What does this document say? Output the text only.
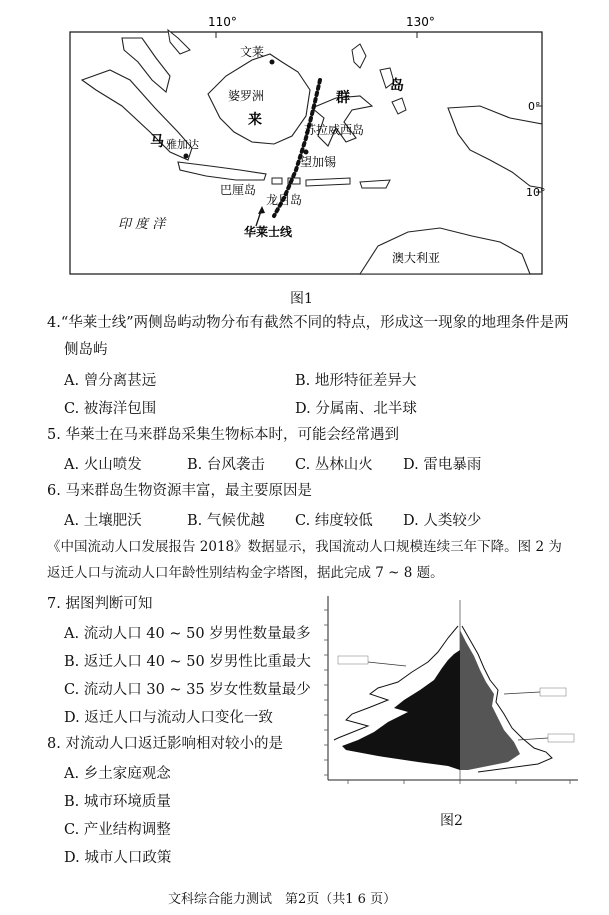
110°	130°
0°
10°
文莱
婆罗洲
马
来
群
岛
苏拉威西岛
雅加达
望加锡
巴厘岛
龙目岛
印 度 洋	华莱士线
澳大利亚
图1
4.“华莱士线”两侧岛屿动物分布有截然不同的特点，形成这一现象的地理条件是两
侧岛屿
A. 曾分离甚远	B. 地形特征差异大
C. 被海洋包围	D. 分属南、北半球
5. 华莱士在马来群岛采集生物标本时，可能会经常遇到
A. 火山喷发	B. 台风袭击 C. 丛林山火 D. 雷电暴雨
6. 马来群岛生物资源丰富，最主要原因是
A. 土壤肥沃	B. 气候优越 C. 纬度较低 D. 人类较少
《中国流动人口发展报告 2018》数据显示，我国流动人口规模连续三年下降。图 2 为
返迁人口与流动人口年龄性别结构金字塔图，据此完成 7 ~ 8 题。
7. 据图判断可知
A. 流动人口 40 ~ 50 岁男性数量最多
B. 返迁人口 40 ~ 50 岁男性比重最大
C. 流动人口 30 ~ 35 岁女性数量最少
D. 返迁人口与流动人口变化一致
8. 对流动人口返迁影响相对较小的是
A. 乡土家庭观念
B. 城市环境质量
C. 产业结构调整
D. 城市人口政策
图2
文科综合能力测试　第2页（共1 6 页）
